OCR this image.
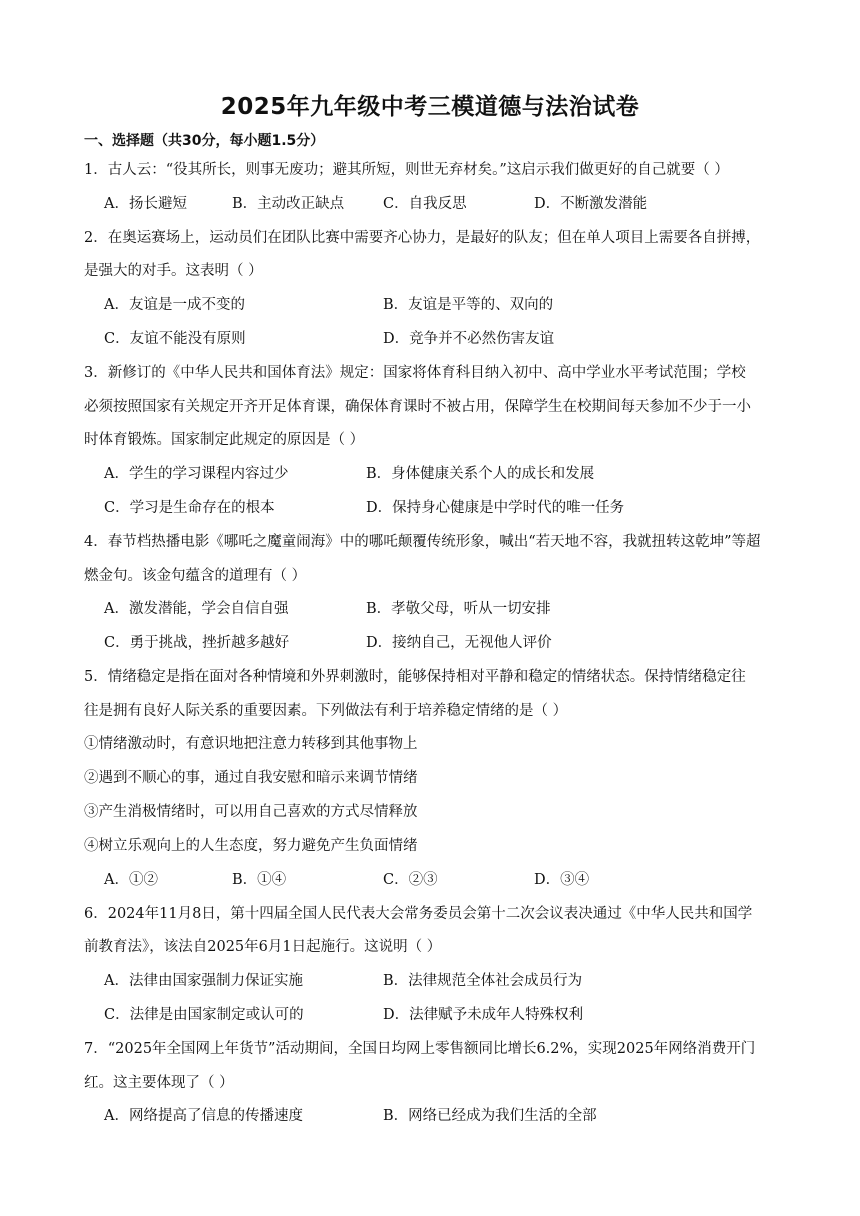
2025年九年级中考三模道德与法治试卷
一、选择题（共30分，每小题1.5分）
1．古人云：“役其所长，则事无废功；避其所短，则世无弃材矣。”这启示我们做更好的自己就要（ ）
A．扬长避短	B．主动改正缺点	C．自我反思	D．不断激发潜能
2．在奥运赛场上，运动员们在团队比赛中需要齐心协力，是最好的队友；但在单人项目上需要各自拼搏，
是强大的对手。这表明（ ）
A．友谊是一成不变的	B．友谊是平等的、双向的
C．友谊不能没有原则	D．竞争并不必然伤害友谊
3．新修订的《中华人民共和国体育法》规定：国家将体育科目纳入初中、高中学业水平考试范围；学校
必须按照国家有关规定开齐开足体育课，确保体育课时不被占用，保障学生在校期间每天参加不少于一小
时体育锻炼。国家制定此规定的原因是（ ）
A．学生的学习课程内容过少	B．身体健康关系个人的成长和发展
C．学习是生命存在的根本	D．保持身心健康是中学时代的唯一任务
4．春节档热播电影《哪吒之魔童闹海》中的哪吒颠覆传统形象，喊出“若天地不容，我就扭转这乾坤”等超
燃金句。该金句蕴含的道理有（ ）
A．激发潜能，学会自信自强	B．孝敬父母，听从一切安排
C．勇于挑战，挫折越多越好	D．接纳自己，无视他人评价
5．情绪稳定是指在面对各种情境和外界刺激时，能够保持相对平静和稳定的情绪状态。保持情绪稳定往
往是拥有良好人际关系的重要因素。下列做法有利于培养稳定情绪的是（ ）
①情绪激动时，有意识地把注意力转移到其他事物上
②遇到不顺心的事，通过自我安慰和暗示来调节情绪
③产生消极情绪时，可以用自己喜欢的方式尽情释放
④树立乐观向上的人生态度，努力避免产生负面情绪
A．①②	B．①④	C．②③	D．③④
6．2024年11月8日，第十四届全国人民代表大会常务委员会第十二次会议表决通过《中华人民共和国学
前教育法》，该法自2025年6月1日起施行。这说明（ ）
A．法律由国家强制力保证实施	B．法律规范全体社会成员行为
C．法律是由国家制定或认可的	D．法律赋予未成年人特殊权利
7．“2025年全国网上年货节”活动期间，全国日均网上零售额同比增长6.2%，实现2025年网络消费开门
红。这主要体现了（ ）
A．网络提高了信息的传播速度	B．网络已经成为我们生活的全部
